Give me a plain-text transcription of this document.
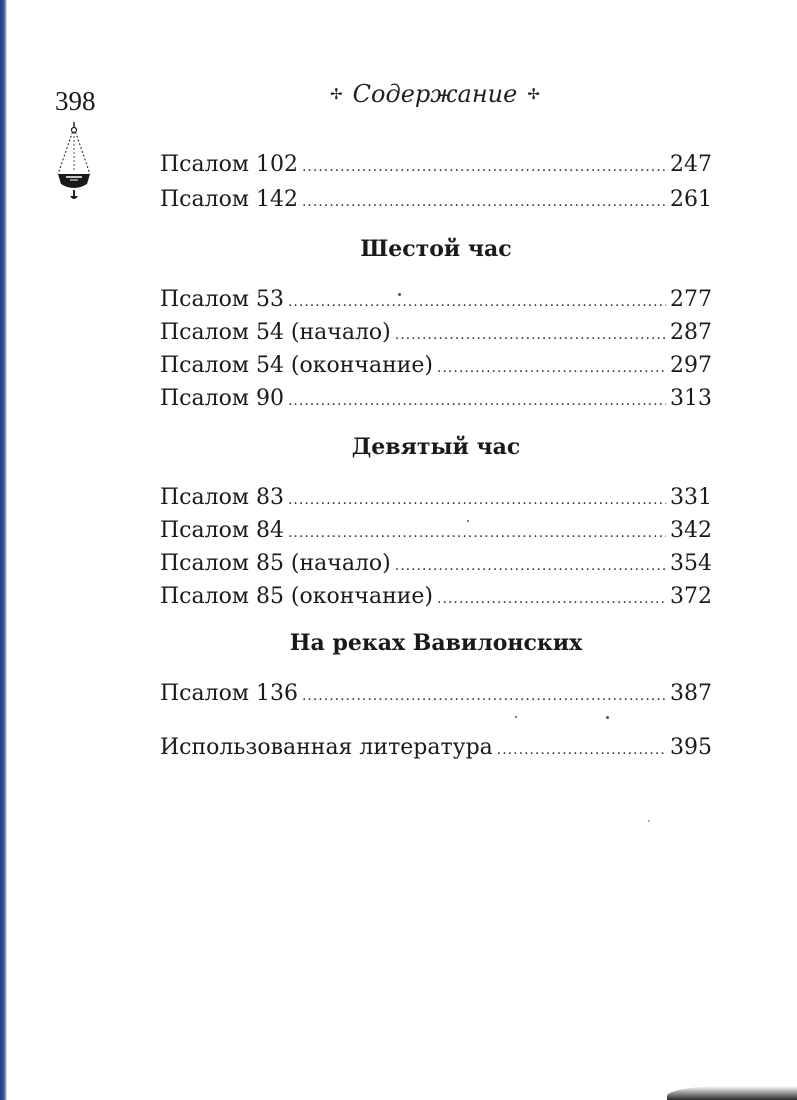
398	✢ Содержание ✢
Псалом 102 .....	247
Псалом 142 .....	261
Шестой час
Псалом 53 .....	277
Псалом 54 (начало) .....	287
Псалом 54 (окончание) .....	297
Псалом 90 .....	313
Девятый час
Псалом 83 .....	331
Псалом 84 .....	342
Псалом 85 (начало) .....	354
Псалом 85 (окончание) .....	372
На реках Вавилонских
Псалом 136 .....	387
Использованная литература .....	395
